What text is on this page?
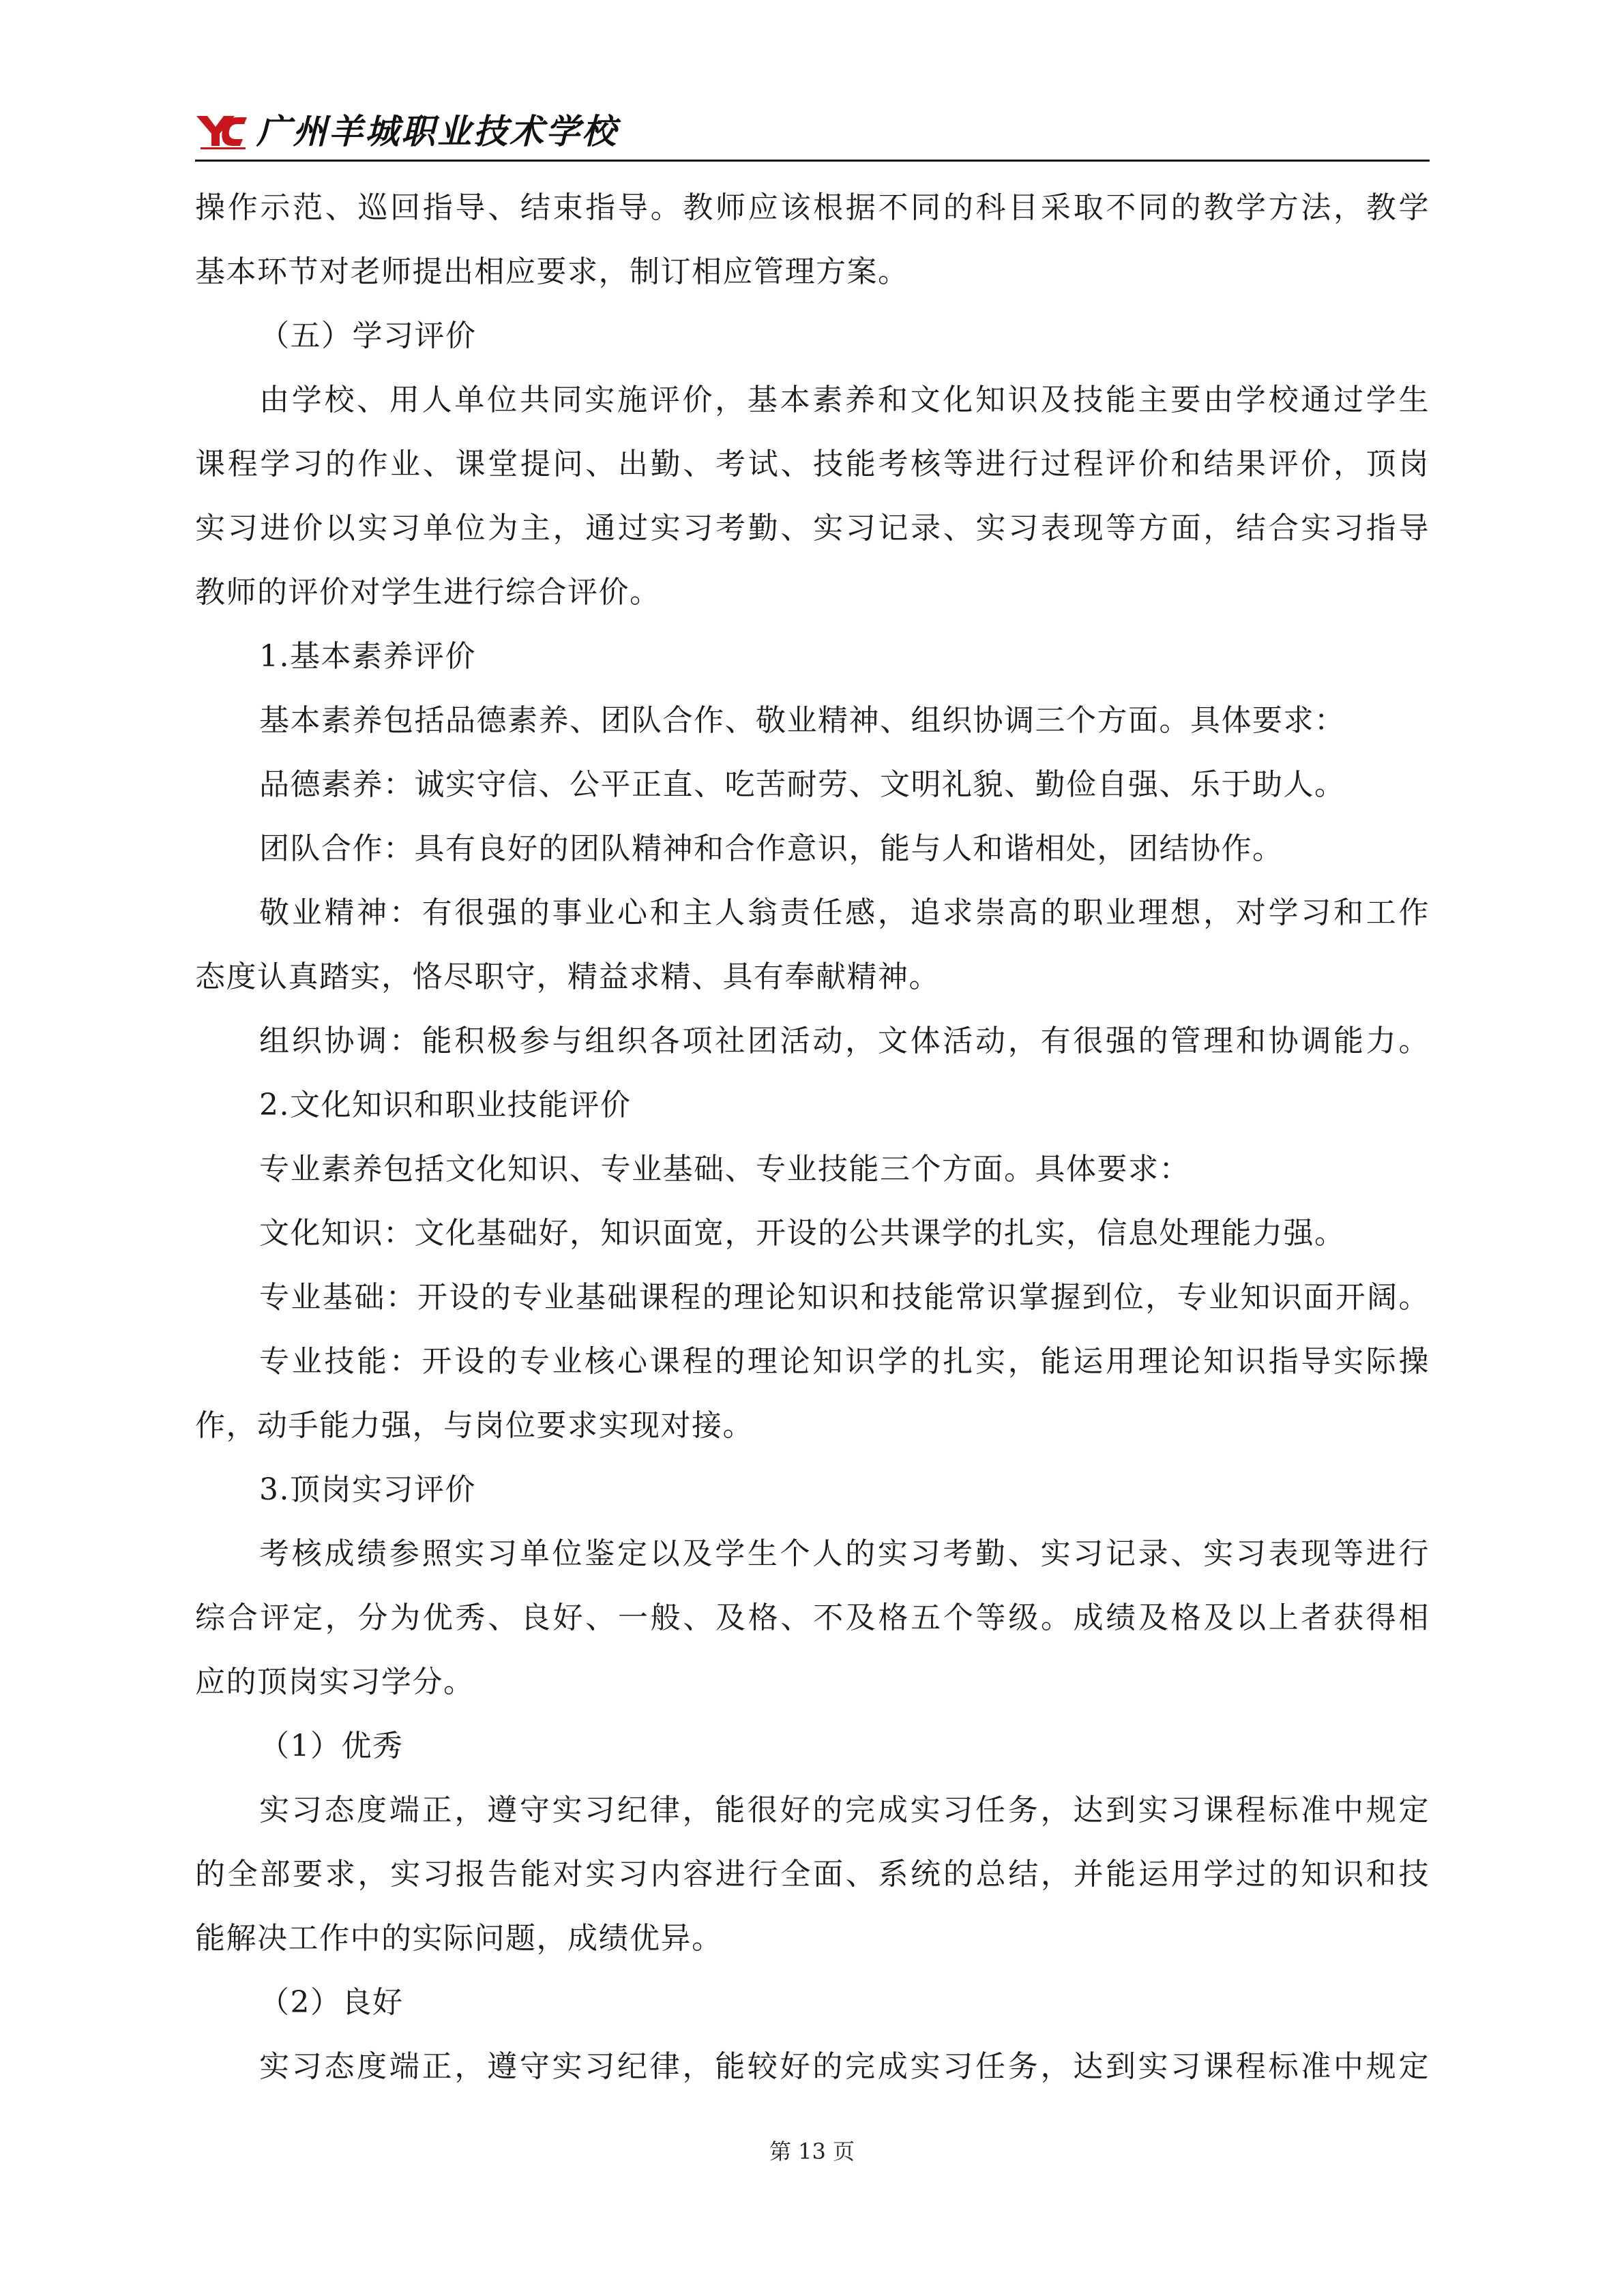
广州羊城职业技术学校
操作示范、巡回指导、结束指导。教师应该根据不同的科目采取不同的教学方法，教学
基本环节对老师提出相应要求，制订相应管理方案。
（五）学习评价
由学校、用人单位共同实施评价，基本素养和文化知识及技能主要由学校通过学生
课程学习的作业、课堂提问、出勤、考试、技能考核等进行过程评价和结果评价，顶岗
实习进价以实习单位为主，通过实习考勤、实习记录、实习表现等方面，结合实习指导
教师的评价对学生进行综合评价。
1.基本素养评价
基本素养包括品德素养、团队合作、敬业精神、组织协调三个方面。具体要求：
品德素养：诚实守信、公平正直、吃苦耐劳、文明礼貌、勤俭自强、乐于助人。
团队合作：具有良好的团队精神和合作意识，能与人和谐相处，团结协作。
敬业精神：有很强的事业心和主人翁责任感，追求崇高的职业理想，对学习和工作
态度认真踏实，恪尽职守，精益求精、具有奉献精神。
组织协调：能积极参与组织各项社团活动，文体活动，有很强的管理和协调能力。
2.文化知识和职业技能评价
专业素养包括文化知识、专业基础、专业技能三个方面。具体要求：
文化知识：文化基础好，知识面宽，开设的公共课学的扎实，信息处理能力强。
专业基础：开设的专业基础课程的理论知识和技能常识掌握到位，专业知识面开阔。
专业技能：开设的专业核心课程的理论知识学的扎实，能运用理论知识指导实际操
作，动手能力强，与岗位要求实现对接。
3.顶岗实习评价
考核成绩参照实习单位鉴定以及学生个人的实习考勤、实习记录、实习表现等进行
综合评定，分为优秀、良好、一般、及格、不及格五个等级。成绩及格及以上者获得相
应的顶岗实习学分。
（1）优秀
实习态度端正，遵守实习纪律，能很好的完成实习任务，达到实习课程标准中规定
的全部要求，实习报告能对实习内容进行全面、系统的总结，并能运用学过的知识和技
能解决工作中的实际问题，成绩优异。
（2）良好
实习态度端正，遵守实习纪律，能较好的完成实习任务，达到实习课程标准中规定
第 13 页
